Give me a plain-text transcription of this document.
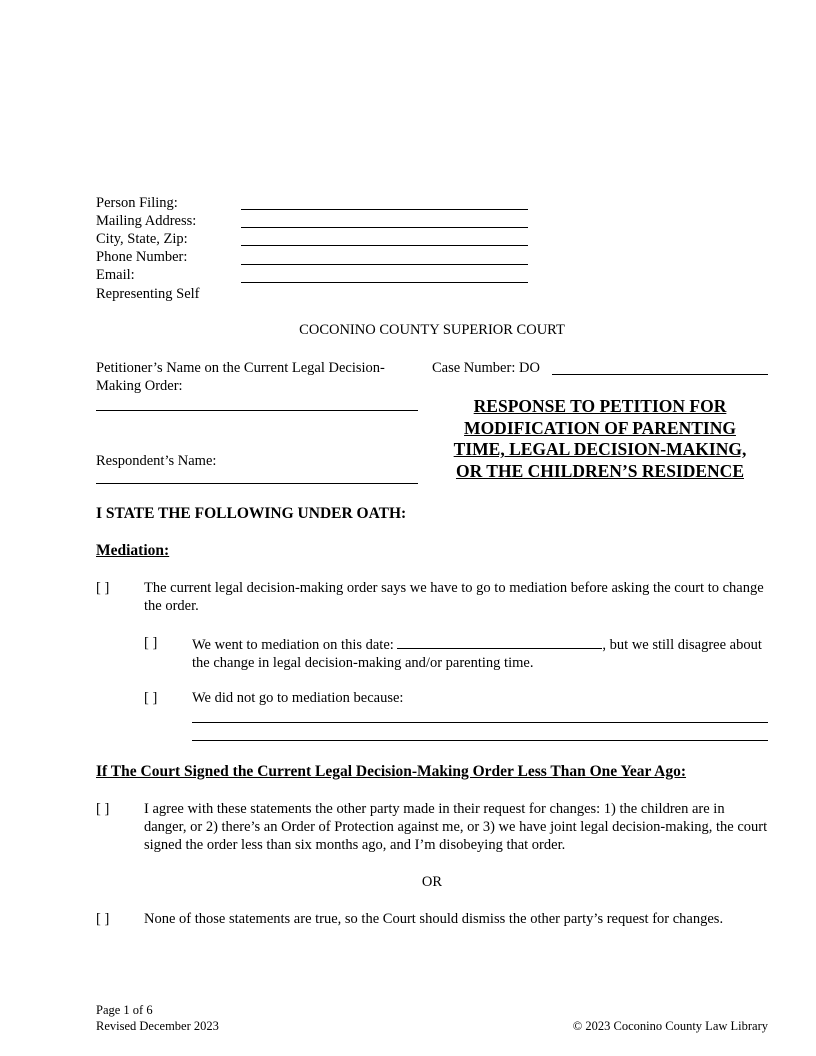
Person Filing:
Mailing Address:
City, State, Zip:
Phone Number:
Email:
Representing Self
COCONINO COUNTY SUPERIOR COURT
Petitioner’s Name on the Current Legal Decision-Making Order:
Respondent’s Name:
Case Number: DO
RESPONSE TO PETITION FOR
MODIFICATION OF PARENTING
TIME, LEGAL DECISION-MAKING,
OR THE CHILDREN’S RESIDENCE
I STATE THE FOLLOWING UNDER OATH:
Mediation:
[ ] The current legal decision-making order says we have to go to mediation before asking the court to change the order.
[ ] We went to mediation on this date:	, but we still disagree about the change in legal decision-making and/or parenting time.
[ ] We did not go to mediation because:
If The Court Signed the Current Legal Decision-Making Order Less Than One Year Ago:
[ ] I agree with these statements the other party made in their request for changes: 1) the children are in danger, or 2) there’s an Order of Protection against me, or 3) we have joint legal decision-making, the court signed the order less than six months ago, and I’m disobeying that order.
OR
[ ] None of those statements are true, so the Court should dismiss the other party’s request for changes.
Page 1 of 6
Revised December 2023	© 2023 Coconino County Law Library
